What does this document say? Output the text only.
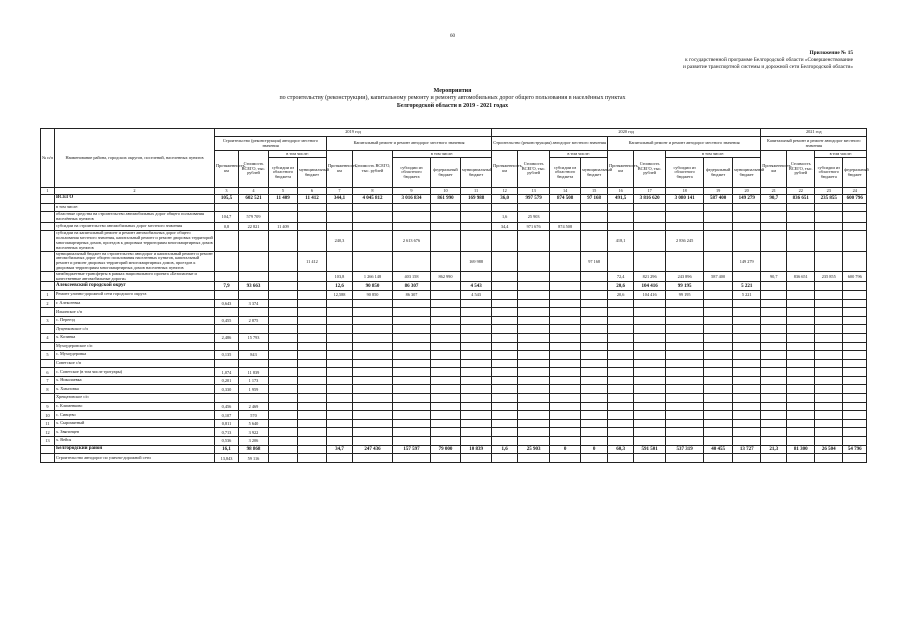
60
Приложение № 15
к государственной программе Белгородской области «Совершенствование
и развитие транспортной системы и дорожной сети Белгородской области»
Мероприятия
по строительству (реконструкции), капитальному ремонту и ремонту автомобильных дорог общего пользования в населённых пунктах
Белгородской области в 2019 - 2021 годах
№ п/п	Наименование района, городских округов, поселений, населенных пунктов	2019 год									2020 год									2021 год			
		Строительство (реконструкция) автодорог местного значения				Капитальный ремонт и ремонт автодорог местного значения					Строительство (реконструкция) автодорог местного значения				Капитальный ремонт и ремонт автодорог местного значения					Капитальный ремонт и ремонт автодорог местного значения			
		Протяженность, км	Стоимость ВСЕГО, тыс. рублей	в том числе:		Протяженность, км	Стоимость ВСЕГО, тыс. рублей	в том числе:			Протяженность, км	Стоимость ВСЕГО, тыс. рублей	в том числе:		Протяженность, км	Стоимость ВСЕГО, тыс. рублей	в том числе:			Протяженность, км	Стоимость ВСЕГО, тыс. рублей	в том числе:	
				субсидии из областного бюджета	муниципальный бюджет			субсидии из областного бюджета	федеральный бюджет	муниципальный бюджет			субсидии из областного бюджета	муниципальный бюджет			субсидии из областного бюджета	федеральный бюджет	муниципальный бюджет			субсидии из областного бюджета	федеральный бюджет
1	2	3	4	5	6	7	8	9	10	11	12	13	14	15	16	17	18	19	20	21	22	23	24
	ВСЕГО	105,5	602 521	11 409	11 412	344,1	4 045 812	3 016 834	861 990	169 988	36,0	997 579	874 508	97 168	491,5	3 816 620	3 080 141	587 400	149 279	90,7	836 651	235 855	600 796
	в том числе:																						
	областные средства на строительство автомобильных дорог общего пользования населённых пунктов	104,7	579 709								1,6	25 903											
	субсидии на строительство автомобильных дорог местного значения	0,8	22 821	11 409							34,4	971 676	874 508										
	субсидии на капитальный ремонт и ремонт автомобильных дорог общего пользования местного значения, капитальный ремонт и ремонт дворовых территорий многоквартирных домов, проездов к дворовым территориям многоквартирных домов населенных пунктов					240,3		2 613 676							418,1		2 836 245						
	муниципальный бюджет на строительство автодорог и капитальный ремонт и ремонт автомобильных дорог общего пользования населенных пунктов, капитальный ремонт и ремонт дворовых территорий многоквартирных домов, проездов к дворовым территориям многоквартирных домов населенных пунктов				11 412					169 988				97 168					149 279				
	межбюджетные трансферты в рамках национального проекта «Безопасные и качественные автомобильные дороги»					103,8	1 266 148	403 158	862 990						72,4	821 296	243 896	587 400		90,7	836 651	235 855	600 796
	Алексеевский городской округ	7,9	93 663			12,6	90 850	86 307		4 543					20,6	104 416	99 195		5 221				
1	Ремонт улично-дорожной сети городского округа					12,588	90 850	86 307		4 543					20,6	104 416	99 195		5 221				
2	г. Алексеевка	0,643	3 374																				
	Ильинское с/п																						
3	с. Переезд	0,455	2 875																				
	Луценковское с/п																						
4	х. Козинка	2,486	15 793																				
	Мухоудеровское с/п																						
5	с. Мухоудеровка	0,135	843																				
	Советское с/п																						
6	с. Советское (в том числе тротуары)	1,074	11 839																				
7	х. Николаевка	0,201	1 173																				
8	х. Хмызовка	0,330	1 959																				
	Хрещатовское с/п																						
9	с. Клименково	0,456	2 469																				
10	с. Сивцево	0,107	570																				
11	х. Сыромятный	0,811	5 640																				
12	х. Звягинцев	0,713	3 922																				
13	х. Вейся	0,536	3 206																				
	Белгородский район	16,1	98 868			34,7	247 436	157 597	79 000	10 839	1,6	25 903	0	0	60,3	591 501	537 319	40 455	13 727	21,3	81 300	26 504	54 796
	Строительство автодорог по улично-дорожной сети	13,843	59 116																				
